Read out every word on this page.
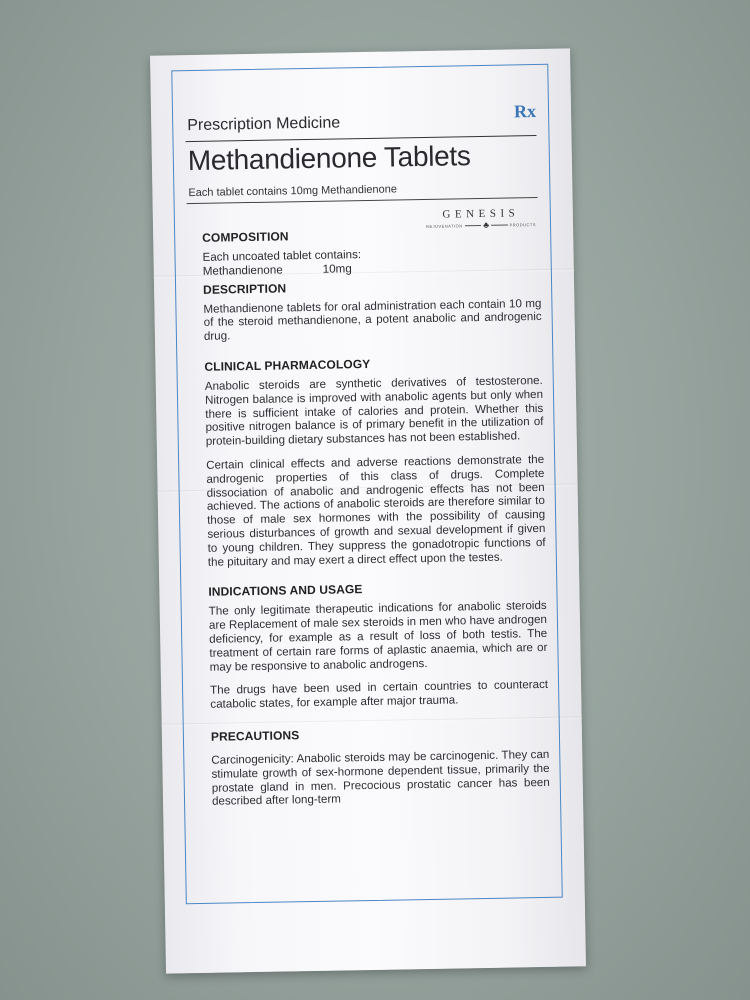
Rx
Prescription Medicine
Methandienone Tablets
Each tablet contains 10mg Methandienone
GENESIS
REJUVENATION ♣	PRODUCTS
COMPOSITION
Each uncoated tablet contains:
Methandienone	10mg
DESCRIPTION

Methandienone tablets for oral administration each contain 10 mg of the steroid methandienone, a potent anabolic and androgenic drug.

CLINICAL PHARMACOLOGY

Anabolic steroids are synthetic derivatives of testosterone. Nitrogen balance is improved with anabolic agents but only when there is sufficient intake of calories and protein. Whether this positive nitrogen balance is of primary benefit in the utilization of protein-building dietary substances has not been established.

Certain clinical effects and adverse reactions demonstrate the androgenic properties of this class of drugs. Complete dissociation of anabolic and androgenic effects has not been achieved. The actions of anabolic steroids are therefore similar to those of male sex hormones with the possibility of causing serious disturbances of growth and sexual development if given to young children. They suppress the gonadotropic functions of the pituitary and may exert a direct effect upon the testes.

INDICATIONS AND USAGE

The only legitimate therapeutic indications for anabolic steroids are Replacement of male sex steroids in men who have androgen deficiency, for example as a result of loss of both testis. The treatment of certain rare forms of aplastic anaemia, which are or may be responsive to anabolic androgens.

The drugs have been used in certain countries to counteract catabolic states, for example after major trauma.

PRECAUTIONS

Carcinogenicity: Anabolic steroids may be carcinogenic. They can stimulate growth of sex-hormone dependent tissue, primarily the prostate gland in men. Precocious prostatic cancer has been described after long-term
